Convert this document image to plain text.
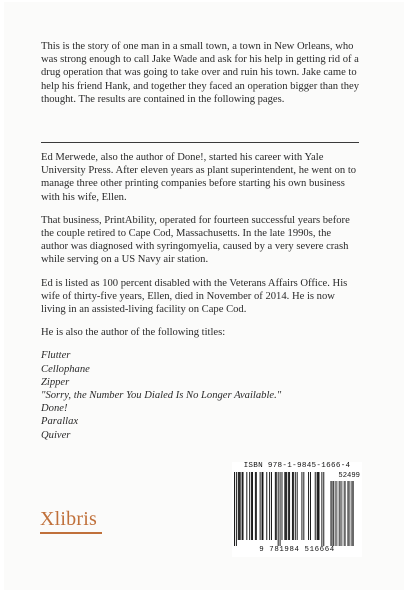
This is the story of one man in a small town, a town in New Orleans, who was strong enough to call Jake Wade and ask for his help in getting rid of a drug operation that was going to take over and ruin his town. Jake came to help his friend Hank, and together they faced an operation bigger than they thought. The results are contained in the following pages.

Ed Merwede, also the author of Done!, started his career with Yale University Press. After eleven years as plant superintendent, he went on to manage three other printing companies before starting his own business with his wife, Ellen.

That business, PrintAbility, operated for fourteen successful years before the couple retired to Cape Cod, Massachusetts. In the late 1990s, the author was diagnosed with syringomyelia, caused by a very severe crash while serving on a US Navy air station.

Ed is listed as 100 percent disabled with the Veterans Affairs Office. His wife of thirty-five years, Ellen, died in November of 2014. He is now living in an assisted-living facility on Cape Cod.

He is also the author of the following titles:

Flutter
Cellophane
Zipper
"Sorry, the Number You Dialed Is No Longer Available."
Done!
Parallax
Quiver
Xlibris
ISBN 978-1-9845-1666-4
52499
9 781984 516664
